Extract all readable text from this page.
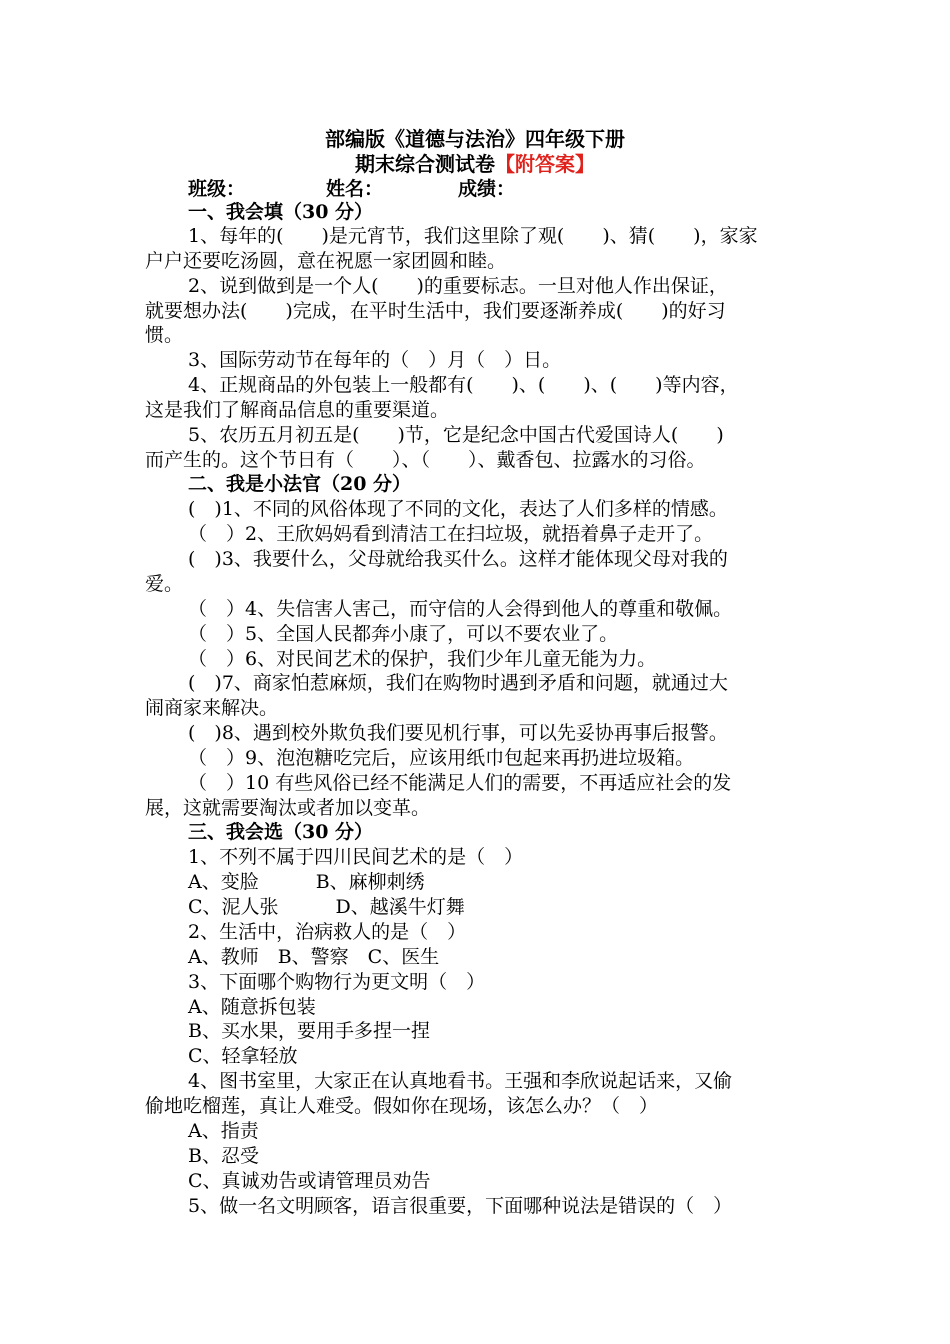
部编版《道德与法治》四年级下册
期末综合测试卷【附答案】
班级：	姓名：	成绩：
一、我会填（30 分）
1、每年的(　　)是元宵节，我们这里除了观(　　)、猜(　　)，家家
户户还要吃汤圆，意在祝愿一家团圆和睦。
2、说到做到是一个人(　　)的重要标志。一旦对他人作出保证，
就要想办法(　　)完成，在平时生活中，我们要逐渐养成(　　)的好习
惯。
3、国际劳动节在每年的（　）月（　）日。
4、正规商品的外包装上一般都有(　　)、(　　)、(　　)等内容，
这是我们了解商品信息的重要渠道。
5、农历五月初五是(　　)节，它是纪念中国古代爱国诗人(　　)
而产生的。这个节日有（　　）、（　　）、戴香包、拉露水的习俗。
二、我是小法官（20 分）
(　)1、不同的风俗体现了不同的文化，表达了人们多样的情感。
（　）2、王欣妈妈看到清洁工在扫垃圾，就捂着鼻子走开了。
(　)3、我要什么，父母就给我买什么。这样才能体现父母对我的
爱。
（　）4、失信害人害己，而守信的人会得到他人的尊重和敬佩。
（　）5、全国人民都奔小康了，可以不要农业了。
（　）6、对民间艺术的保护，我们少年儿童无能为力。
(　)7、商家怕惹麻烦，我们在购物时遇到矛盾和问题，就通过大
闹商家来解决。
(　)8、遇到校外欺负我们要见机行事，可以先妥协再事后报警。
（　）9、泡泡糖吃完后，应该用纸巾包起来再扔进垃圾箱。
（　）10 有些风俗已经不能满足人们的需要，不再适应社会的发
展，这就需要淘汰或者加以变革。
三、我会选（30 分）
1、不列不属于四川民间艺术的是（　）
A、变脸　　　B、麻柳刺绣
C、泥人张　　　D、越溪牛灯舞
2、生活中，治病救人的是（　）
A、教师　B、警察　C、医生
3、下面哪个购物行为更文明（　）
A、随意拆包装
B、买水果，要用手多捏一捏
C、轻拿轻放
4、图书室里，大家正在认真地看书。王强和李欣说起话来，又偷
偷地吃榴莲，真让人难受。假如你在现场，该怎么办？（　）
A、指责
B、忍受
C、真诚劝告或请管理员劝告
5、做一名文明顾客，语言很重要，下面哪种说法是错误的（　）
